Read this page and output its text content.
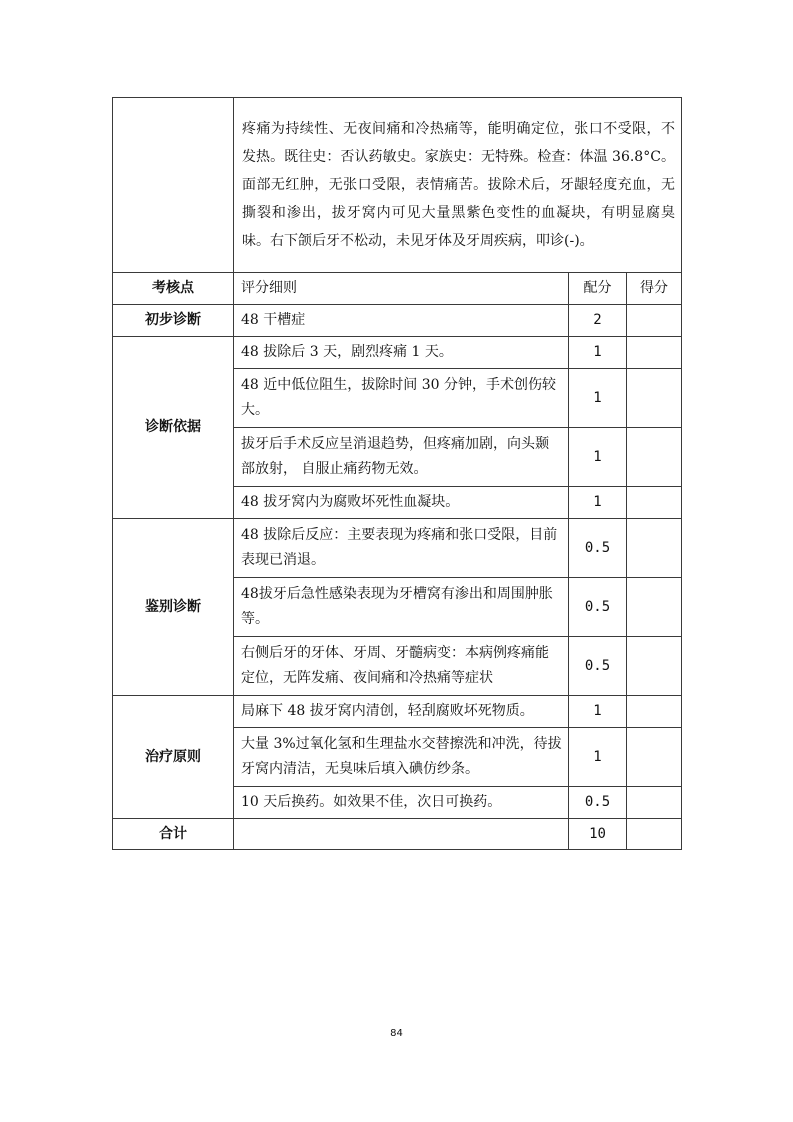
	疼痛为持续性、无夜间痛和冷热痛等，能明确定位，张口不受限，不发热。既往史：否认药敏史。家族史：无特殊。检查：体温 36.8°C。面部无红肿，无张口受限，表情痛苦。拔除术后，牙龈轻度充血，无撕裂和渗出，拔牙窝内可见大量黑紫色变性的血凝块，有明显腐臭味。右下颌后牙不松动，未见牙体及牙周疾病，叩诊(-)。		
考核点	评分细则	配分	得分
初步诊断	48 干槽症	2	
诊断依据	48 拔除后 3 天，剧烈疼痛 1 天。	1	
	48 近中低位阻生，拔除时间 30 分钟，手术创伤较大。	1	
	拔牙后手术反应呈消退趋势，但疼痛加剧，向头颞部放射， 自服止痛药物无效。	1	
	48 拔牙窝内为腐败坏死性血凝块。	1	
鉴别诊断	48 拔除后反应：主要表现为疼痛和张口受限，目前表现已消退。	0.5	
	48拔牙后急性感染表现为牙槽窝有渗出和周围肿胀等。	0.5	
	右侧后牙的牙体、牙周、牙髓病变：本病例疼痛能定位，无阵发痛、夜间痛和冷热痛等症状	0.5	
治疗原则	局麻下 48 拔牙窝内清创，轻刮腐败坏死物质。	1	
	大量 3%过氧化氢和生理盐水交替擦洗和冲洗，待拔牙窝内清洁，无臭味后填入碘仿纱条。	1	
	10 天后换药。如效果不佳，次日可换药。	0.5	
合计		10	
84
